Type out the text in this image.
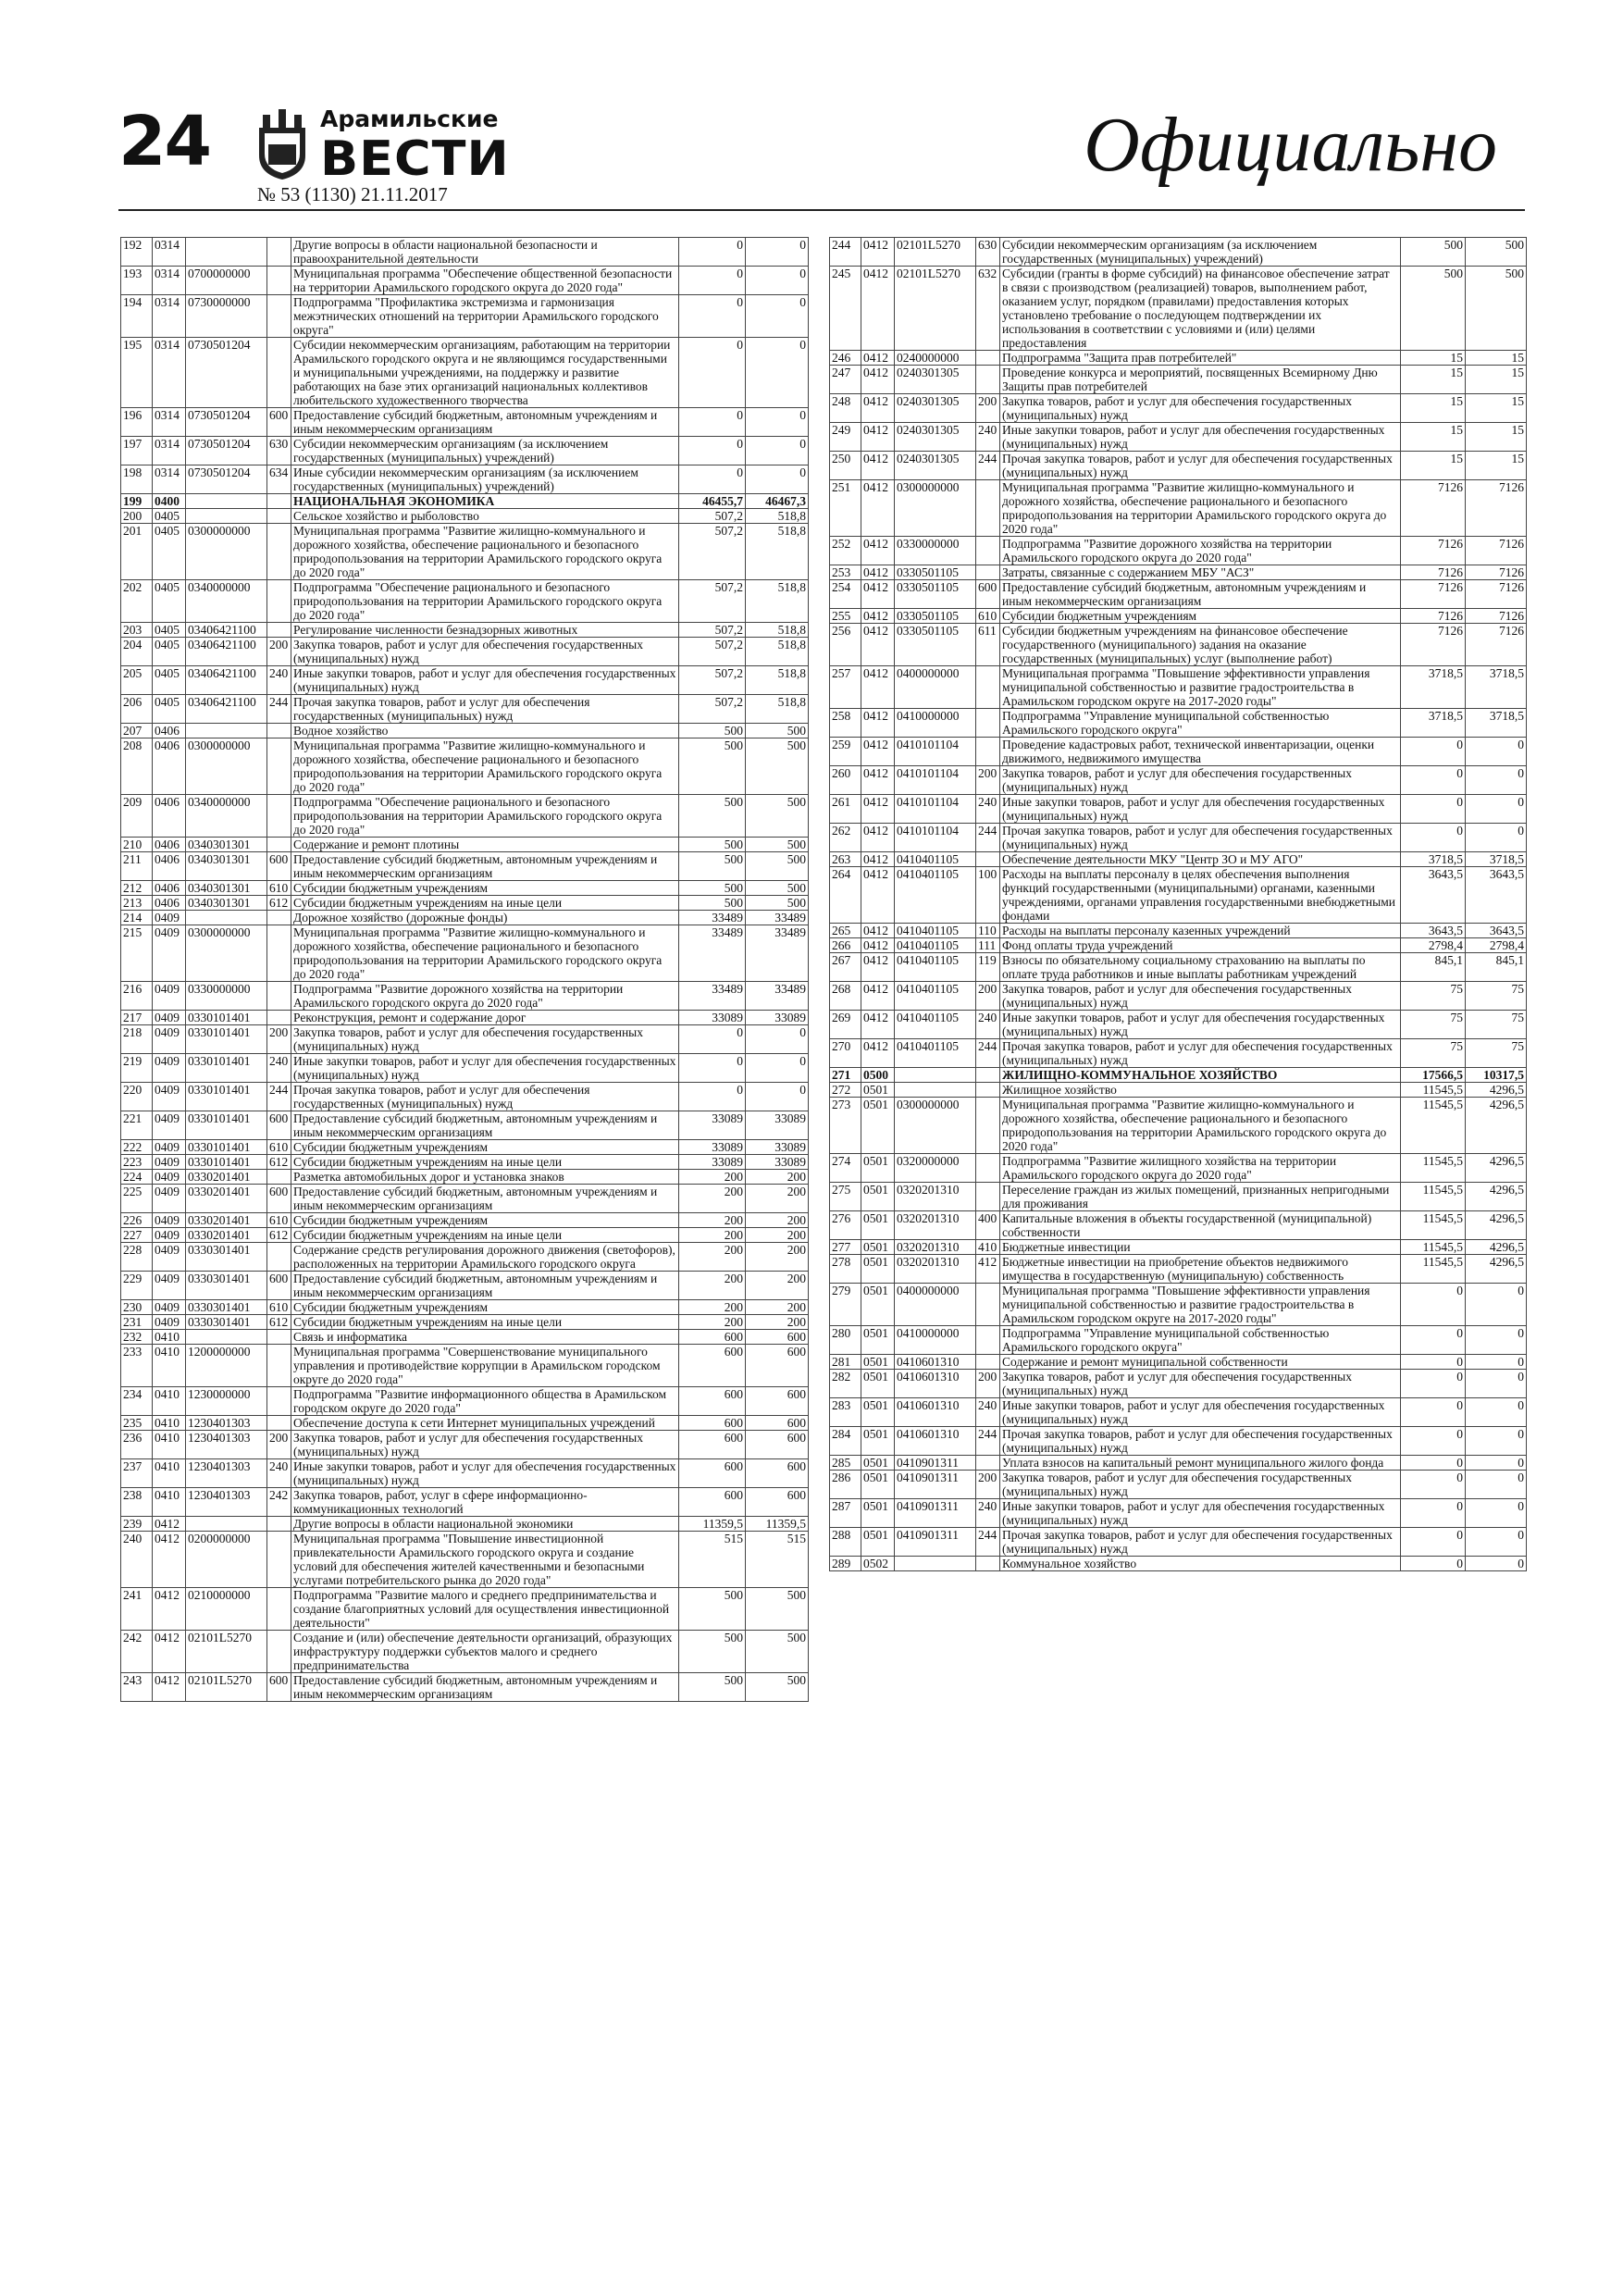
24	Арамильские
ВЕСТИ
№ 53 (1130) 21.11.2017
Официально
192	0314			Другие вопросы в области национальной безопасности и правоохранительной деятельности	0	0
193	0314	0700000000		Муниципальная программа "Обеспечение общественной безопасности на территории Арамильского городского округа до 2020 года"	0	0
194	0314	0730000000		Подпрограмма "Профилактика экстремизма и гармонизация межэтнических отношений на территории Арамильского городского округа"	0	0
195	0314	0730501204		Субсидии некоммерческим организациям, работающим на территории Арамильского городского округа и не являющимся государственными и муниципальными учреждениями, на поддержку и развитие работающих на базе этих организаций национальных коллективов любительского художественного творчества	0	0
196	0314	0730501204	600	Предоставление субсидий бюджетным, автономным учреждениям и иным некоммерческим организациям	0	0
197	0314	0730501204	630	Субсидии некоммерческим организациям (за исключением государственных (муниципальных) учреждений)	0	0
198	0314	0730501204	634	Иные субсидии некоммерческим организациям (за исключением государственных (муниципальных) учреждений)	0	0
199	0400			НАЦИОНАЛЬНАЯ ЭКОНОМИКА	46455,7	46467,3
200	0405			Сельское хозяйство и рыболовство	507,2	518,8
201	0405	0300000000		Муниципальная программа "Развитие жилищно-коммунального и дорожного хозяйства, обеспечение рационального и безопасного природопользования на территории Арамильского городского округа до 2020 года"	507,2	518,8
202	0405	0340000000		Подпрограмма "Обеспечение рационального и безопасного природопользования на территории Арамильского городского округа до 2020 года"	507,2	518,8
203	0405	03406421100		Регулирование численности безнадзорных животных	507,2	518,8
204	0405	03406421100	200	Закупка товаров, работ и услуг для обеспечения государственных (муниципальных) нужд	507,2	518,8
205	0405	03406421100	240	Иные закупки товаров, работ и услуг для обеспечения государственных (муниципальных) нужд	507,2	518,8
206	0405	03406421100	244	Прочая закупка товаров, работ и услуг для обеспечения государственных (муниципальных) нужд	507,2	518,8
207	0406			Водное хозяйство	500	500
208	0406	0300000000		Муниципальная программа "Развитие жилищно-коммунального и дорожного хозяйства, обеспечение рационального и безопасного природопользования на территории Арамильского городского округа до 2020 года"	500	500
209	0406	0340000000		Подпрограмма "Обеспечение рационального и безопасного природопользования на территории Арамильского городского округа до 2020 года"	500	500
210	0406	0340301301		Содержание и ремонт плотины	500	500
211	0406	0340301301	600	Предоставление субсидий бюджетным, автономным учреждениям и иным некоммерческим организациям	500	500
212	0406	0340301301	610	Субсидии бюджетным учреждениям	500	500
213	0406	0340301301	612	Субсидии бюджетным учреждениям на иные цели	500	500
214	0409			Дорожное хозяйство (дорожные фонды)	33489	33489
215	0409	0300000000		Муниципальная программа "Развитие жилищно-коммунального и дорожного хозяйства, обеспечение рационального и безопасного природопользования на территории Арамильского городского округа до 2020 года"	33489	33489
216	0409	0330000000		Подпрограмма "Развитие дорожного хозяйства на территории Арамильского городского округа до 2020 года"	33489	33489
217	0409	0330101401		Реконструкция, ремонт и содержание дорог	33089	33089
218	0409	0330101401	200	Закупка товаров, работ и услуг для обеспечения государственных (муниципальных) нужд	0	0
219	0409	0330101401	240	Иные закупки товаров, работ и услуг для обеспечения государственных (муниципальных) нужд	0	0
220	0409	0330101401	244	Прочая закупка товаров, работ и услуг для обеспечения государственных (муниципальных) нужд	0	0
221	0409	0330101401	600	Предоставление субсидий бюджетным, автономным учреждениям и иным некоммерческим организациям	33089	33089
222	0409	0330101401	610	Субсидии бюджетным учреждениям	33089	33089
223	0409	0330101401	612	Субсидии бюджетным учреждениям на иные цели	33089	33089
224	0409	0330201401		Разметка автомобильных дорог и установка знаков	200	200
225	0409	0330201401	600	Предоставление субсидий бюджетным, автономным учреждениям и иным некоммерческим организациям	200	200
226	0409	0330201401	610	Субсидии бюджетным учреждениям	200	200
227	0409	0330201401	612	Субсидии бюджетным учреждениям на иные цели	200	200
228	0409	0330301401		Содержание средств регулирования дорожного движения (светофоров), расположенных на территории Арамильского городского округа	200	200
229	0409	0330301401	600	Предоставление субсидий бюджетным, автономным учреждениям и иным некоммерческим организациям	200	200
230	0409	0330301401	610	Субсидии бюджетным учреждениям	200	200
231	0409	0330301401	612	Субсидии бюджетным учреждениям на иные цели	200	200
232	0410			Связь и информатика	600	600
233	0410	1200000000		Муниципальная программа "Совершенствование муниципального управления и противодействие коррупции в Арамильском городском округе до 2020 года"	600	600
234	0410	1230000000		Подпрограмма "Развитие информационного общества в Арамильском городском округе до 2020 года"	600	600
235	0410	1230401303		Обеспечение доступа к сети Интернет муниципальных учреждений	600	600
236	0410	1230401303	200	Закупка товаров, работ и услуг для обеспечения государственных (муниципальных) нужд	600	600
237	0410	1230401303	240	Иные закупки товаров, работ и услуг для обеспечения государственных (муниципальных) нужд	600	600
238	0410	1230401303	242	Закупка товаров, работ, услуг в сфере информационно-коммуникационных технологий	600	600
239	0412			Другие вопросы в области национальной экономики	11359,5	11359,5
240	0412	0200000000		Муниципальная программа "Повышение инвестиционной привлекательности Арамильского городского округа и создание условий для обеспечения жителей качественными и безопасными услугами потребительского рынка до 2020 года"	515	515
241	0412	0210000000		Подпрограмма "Развитие малого и среднего предпринимательства и создание благоприятных условий для осуществления инвестиционной деятельности"	500	500
242	0412	02101L5270		Создание и (или) обеспечение деятельности организаций, образующих инфраструктуру поддержки субъектов малого и среднего предпринимательства	500	500
243	0412	02101L5270	600	Предоставление субсидий бюджетным, автономным учреждениям и иным некоммерческим организациям	500	500
244	0412	02101L5270	630	Субсидии некоммерческим организациям (за исключением государственных (муниципальных) учреждений)	500	500
245	0412	02101L5270	632	Субсидии (гранты в форме субсидий) на финансовое обеспечение затрат в связи с производством (реализацией) товаров, выполнением работ, оказанием услуг, порядком (правилами) предоставления которых установлено требование о последующем подтверждении их использования в соответствии с условиями и (или) целями предоставления	500	500
246	0412	0240000000		Подпрограмма "Защита прав потребителей"	15	15
247	0412	0240301305		Проведение конкурса и мероприятий, посвященных Всемирному Дню Защиты прав потребителей	15	15
248	0412	0240301305	200	Закупка товаров, работ и услуг для обеспечения государственных (муниципальных) нужд	15	15
249	0412	0240301305	240	Иные закупки товаров, работ и услуг для обеспечения государственных (муниципальных) нужд	15	15
250	0412	0240301305	244	Прочая закупка товаров, работ и услуг для обеспечения государственных (муниципальных) нужд	15	15
251	0412	0300000000		Муниципальная программа "Развитие жилищно-коммунального и дорожного хозяйства, обеспечение рационального и безопасного природопользования на территории Арамильского городского округа до 2020 года"	7126	7126
252	0412	0330000000		Подпрограмма "Развитие дорожного хозяйства на территории Арамильского городского округа до 2020 года"	7126	7126
253	0412	0330501105		Затраты, связанные с содержанием МБУ "АСЗ"	7126	7126
254	0412	0330501105	600	Предоставление субсидий бюджетным, автономным учреждениям и иным некоммерческим организациям	7126	7126
255	0412	0330501105	610	Субсидии бюджетным учреждениям	7126	7126
256	0412	0330501105	611	Субсидии бюджетным учреждениям на финансовое обеспечение государственного (муниципального) задания на оказание государственных (муниципальных) услуг (выполнение работ)	7126	7126
257	0412	0400000000		Муниципальная программа "Повышение эффективности управления муниципальной собственностью и развитие градостроительства в Арамильском городском округе на 2017-2020 годы"	3718,5	3718,5
258	0412	0410000000		Подпрограмма "Управление муниципальной собственностью Арамильского городского округа"	3718,5	3718,5
259	0412	0410101104		Проведение кадастровых работ, технической инвентаризации, оценки движимого, недвижимого имущества	0	0
260	0412	0410101104	200	Закупка товаров, работ и услуг для обеспечения государственных (муниципальных) нужд	0	0
261	0412	0410101104	240	Иные закупки товаров, работ и услуг для обеспечения государственных (муниципальных) нужд	0	0
262	0412	0410101104	244	Прочая закупка товаров, работ и услуг для обеспечения государственных (муниципальных) нужд	0	0
263	0412	0410401105		Обеспечение деятельности МКУ "Центр ЗО и МУ АГО"	3718,5	3718,5
264	0412	0410401105	100	Расходы на выплаты персоналу в целях обеспечения выполнения функций государственными (муниципальными) органами, казенными учреждениями, органами управления государственными внебюджетными фондами	3643,5	3643,5
265	0412	0410401105	110	Расходы на выплаты персоналу казенных учреждений	3643,5	3643,5
266	0412	0410401105	111	Фонд оплаты труда учреждений	2798,4	2798,4
267	0412	0410401105	119	Взносы по обязательному социальному страхованию на выплаты по оплате труда работников и иные выплаты работникам учреждений	845,1	845,1
268	0412	0410401105	200	Закупка товаров, работ и услуг для обеспечения государственных (муниципальных) нужд	75	75
269	0412	0410401105	240	Иные закупки товаров, работ и услуг для обеспечения государственных (муниципальных) нужд	75	75
270	0412	0410401105	244	Прочая закупка товаров, работ и услуг для обеспечения государственных (муниципальных) нужд	75	75
271	0500			ЖИЛИЩНО-КОММУНАЛЬНОЕ ХОЗЯЙСТВО	17566,5	10317,5
272	0501			Жилищное хозяйство	11545,5	4296,5
273	0501	0300000000		Муниципальная программа "Развитие жилищно-коммунального и дорожного хозяйства, обеспечение рационального и безопасного природопользования на территории Арамильского городского округа до 2020 года"	11545,5	4296,5
274	0501	0320000000		Подпрограмма "Развитие жилищного хозяйства на территории Арамильского городского округа до 2020 года"	11545,5	4296,5
275	0501	0320201310		Переселение граждан из жилых помещений, признанных непригодными для проживания	11545,5	4296,5
276	0501	0320201310	400	Капитальные вложения в объекты государственной (муниципальной) собственности	11545,5	4296,5
277	0501	0320201310	410	Бюджетные инвестиции	11545,5	4296,5
278	0501	0320201310	412	Бюджетные инвестиции на приобретение объектов недвижимого имущества в государственную (муниципальную) собственность	11545,5	4296,5
279	0501	0400000000		Муниципальная программа "Повышение эффективности управления муниципальной собственностью и развитие градостроительства в Арамильском городском округе на 2017-2020 годы"	0	0
280	0501	0410000000		Подпрограмма "Управление муниципальной собственностью Арамильского городского округа"	0	0
281	0501	0410601310		Содержание и ремонт муниципальной собственности	0	0
282	0501	0410601310	200	Закупка товаров, работ и услуг для обеспечения государственных (муниципальных) нужд	0	0
283	0501	0410601310	240	Иные закупки товаров, работ и услуг для обеспечения государственных (муниципальных) нужд	0	0
284	0501	0410601310	244	Прочая закупка товаров, работ и услуг для обеспечения государственных (муниципальных) нужд	0	0
285	0501	0410901311		Уплата взносов на капитальный ремонт муниципального жилого фонда	0	0
286	0501	0410901311	200	Закупка товаров, работ и услуг для обеспечения государственных (муниципальных) нужд	0	0
287	0501	0410901311	240	Иные закупки товаров, работ и услуг для обеспечения государственных (муниципальных) нужд	0	0
288	0501	0410901311	244	Прочая закупка товаров, работ и услуг для обеспечения государственных (муниципальных) нужд	0	0
289	0502			Коммунальное хозяйство	0	0
